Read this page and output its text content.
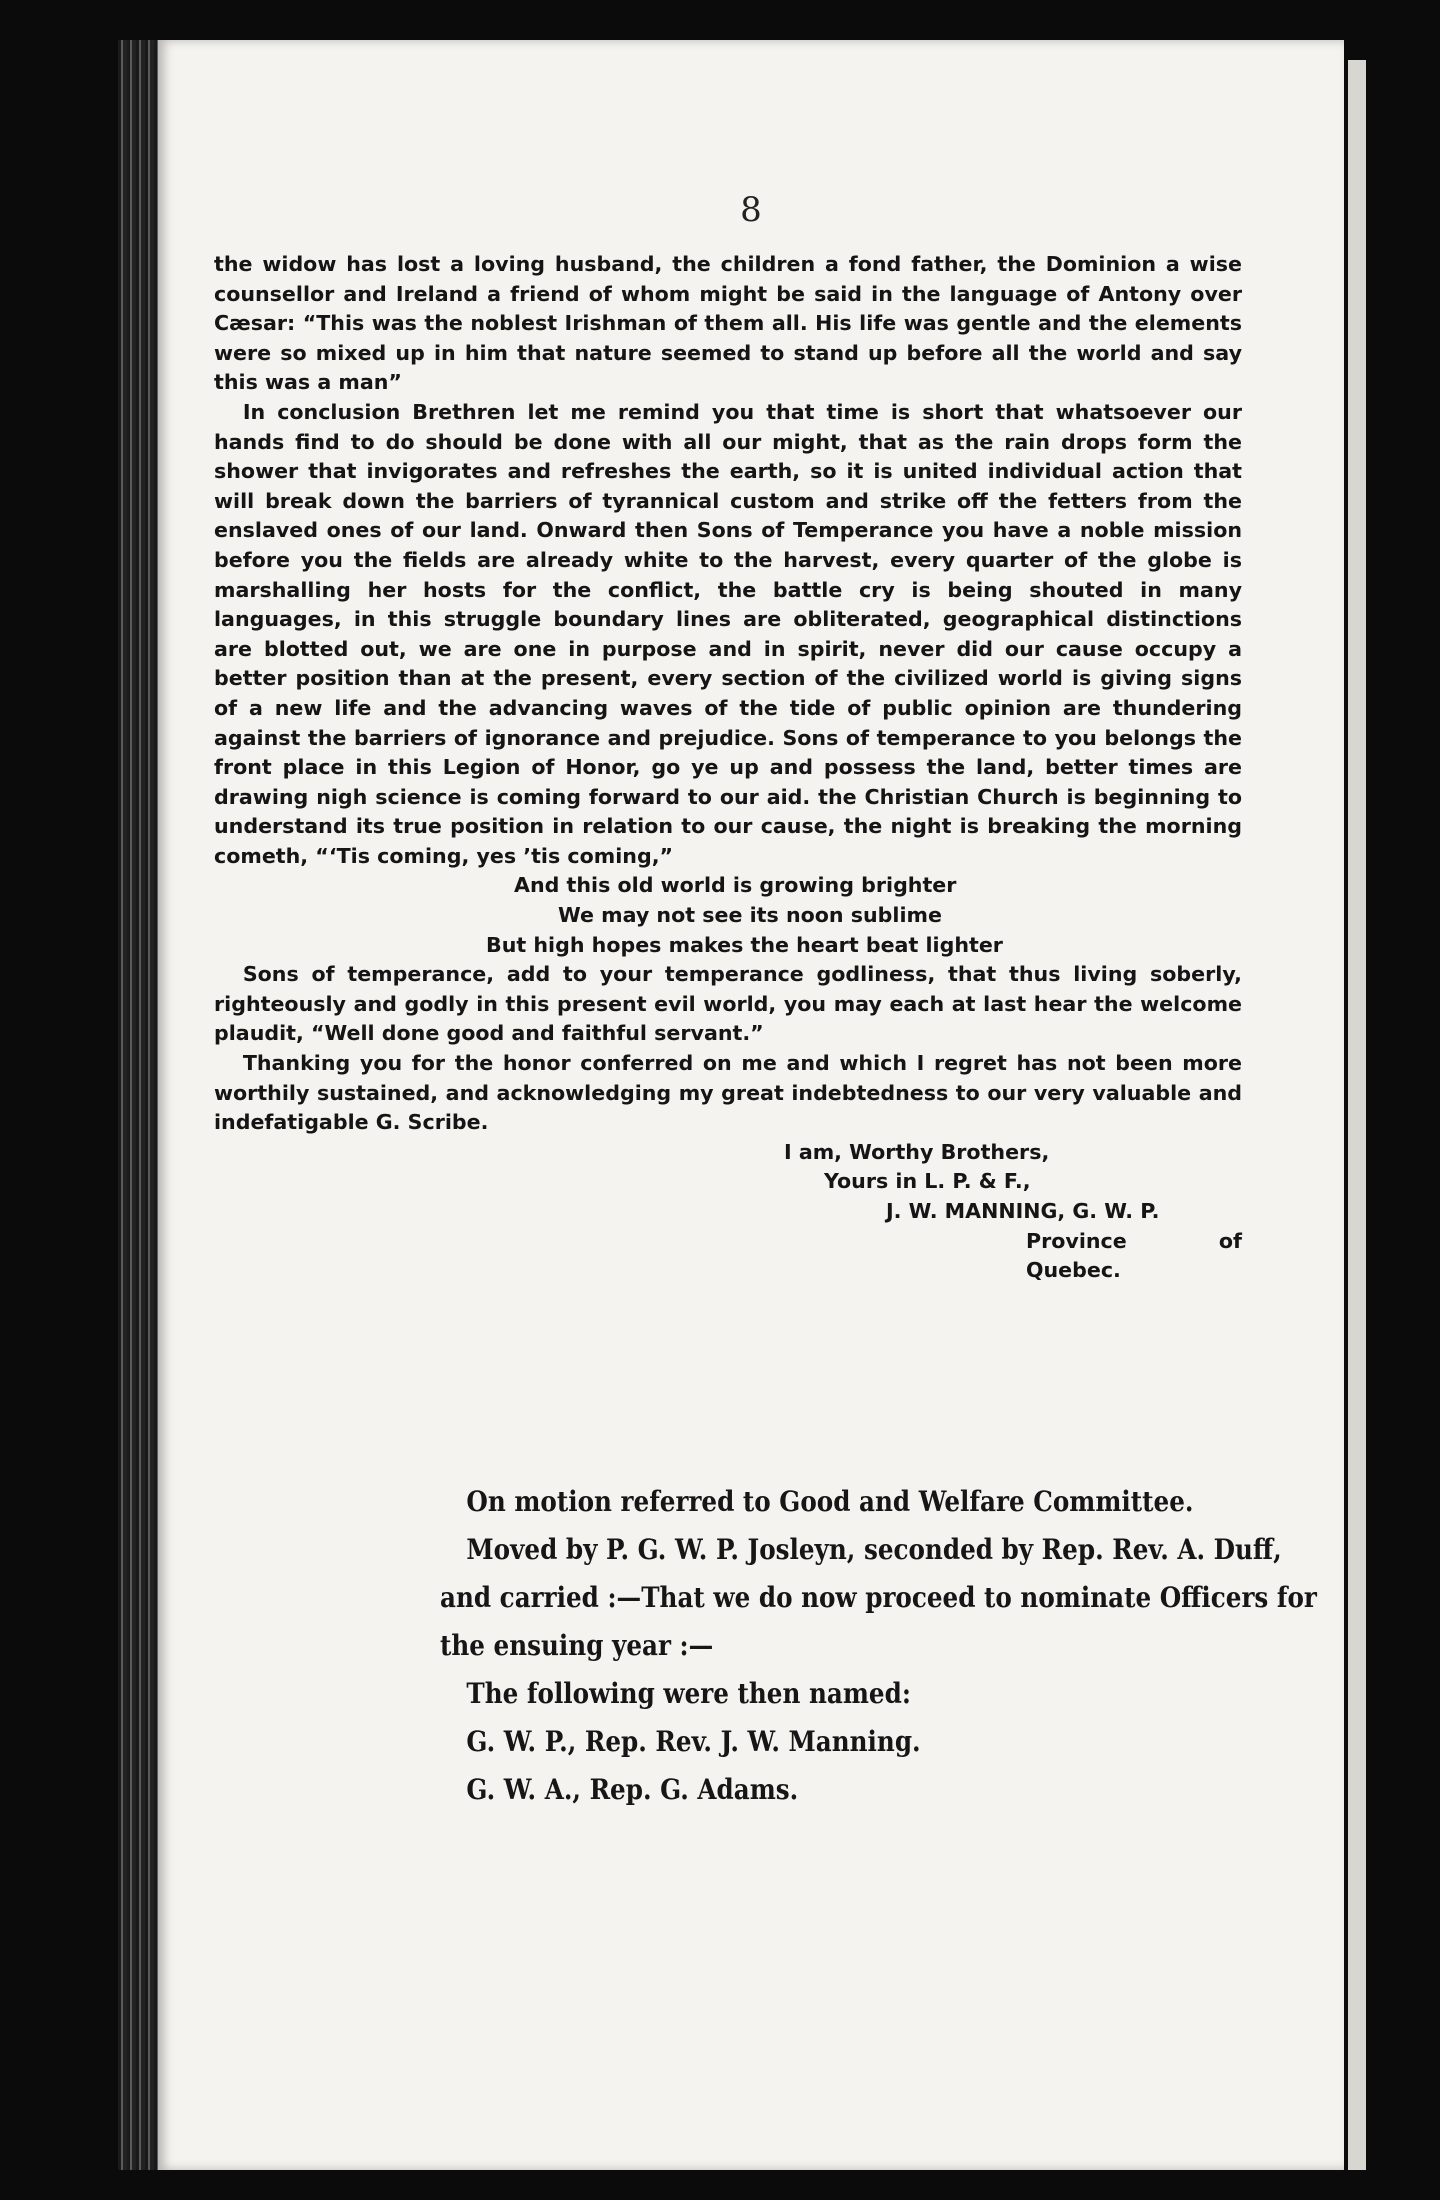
8

the widow has lost a loving husband, the children a fond father, the Dominion a wise counsellor and Ireland a friend of whom might be said in the language of Antony over Cæsar: “This was the noblest Irishman of them all. His life was gentle and the elements were so mixed up in him that nature seemed to stand up before all the world and say this was a man”

In conclusion Brethren let me remind you that time is short that whatsoever our hands find to do should be done with all our might, that as the rain drops form the shower that invigorates and refreshes the earth, so it is united individual action that will break down the barriers of tyrannical custom and strike off the fetters from the enslaved ones of our land. Onward then Sons of Temperance you have a noble mission before you the fields are already white to the harvest, every quarter of the globe is marshalling her hosts for the conflict, the battle cry is being shouted in many languages, in this struggle boundary lines are obliterated, geographical distinctions are blotted out, we are one in purpose and in spirit, never did our cause occupy a better position than at the present, every section of the civilized world is giving signs of a new life and the advancing waves of the tide of public opinion are thundering against the barriers of ignorance and prejudice. Sons of temperance to you belongs the front place in this Legion of Honor, go ye up and possess the land, better times are drawing nigh science is coming forward to our aid. the Christian Church is beginning to understand its true position in relation to our cause, the night is breaking the morning cometh, “‘Tis coming, yes ’tis coming,”

And this old world is growing brighter

We may not see its noon sublime

But high hopes makes the heart beat lighter

Sons of temperance, add to your temperance godliness, that thus living soberly, righteously and godly in this present evil world, you may each at last hear the welcome plaudit, “Well done good and faithful servant.”

Thanking you for the honor conferred on me and which I regret has not been more worthily sustained, and acknowledging my great indebtedness to our very valuable and indefatigable G. Scribe.

I am, Worthy Brothers,

Yours in L. P. & F.,

J. W. MANNING, G. W. P.

Province of Quebec.

On motion referred to Good and Welfare Committee.

Moved by P. G. W. P. Josleyn, seconded by Rep. Rev. A. Duff,

and carried :—That we do now proceed to nominate Officers for

the ensuing year :—

The following were then named:

G. W. P., Rep. Rev. J. W. Manning.

G. W. A., Rep. G. Adams.
